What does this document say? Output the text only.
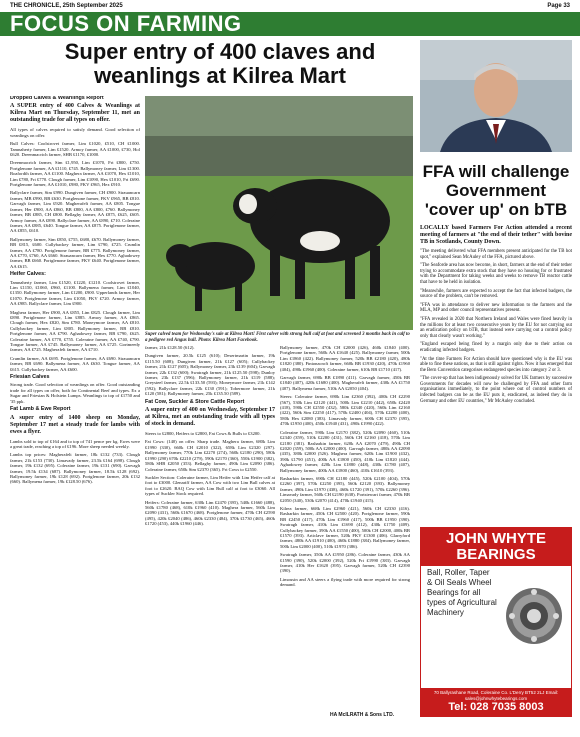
THE CHRONICLE, 25th September 2025	Page 33
FOCUS ON FARMING
Super entry of 400 claves and weanlings at Kilrea Mart
Dropped Calves & Weanlings Report

A SUPER entry of 400 Calves & Weanlings at Kilrea Mart on Thursday, September 11, met an outstanding trade for all types on offer.

All types of calves required to satisfy demand. Good selection of weanlings on offer.

Bull Calves: Coolstrovet farmer, Lim £1020, £510, CH £1000. Tamnaherty farmer, Lim £1520. Armoy farmer, AA £1000, £730, Hol £620. Dreenmacrich farmer, SHB £1170, £1000.

Dreenmacrich farmer, Sim £1,950, Lim £1070, Fri £800, £750. Portglenone farmer, AA £1110, £745. Ballymoney farmer, Lim £1300. Boafordth farmer, AA £1100. Maghera farmer, AA £1070, Hex £1010, Lim £780, Fri £770. Clough farmer, Lim £1090, Hex £1010, Fri £690. Portglenone farmer, AA £1010, £980, FKV £965, Hex £910.

Ballyclare farmer, Sim £990. Dungiven farmer, CH £900. Strauancarn farmer, MB £990, BB £630. Portglenone farmer, FKV £965, BB £810. Garvagh farmer, Lim £920. Magherafelt farmer, AA £805. Tongue farmer, Her £900, AA £860, BB £800, AA £800, £760. Ballymoney farmer, BB £885, CH £800. Bellaghy farmer, AA £875, £625, £605. Armoy farmer, AA £890. Ballyclare farmer, AA £890, £710. Coleraine farmer, AA £885, £640. Tongue farmer, AA £875. Portglenone farmer, AA £855, £610.

Ballymoney farmer, Sim £850, £755, £680, £670. Ballymoney farmer, BB £815, £600. Cullybackey farmer, Lim £790, £725. Crumlin farmer, AA £780. Portglenone farmer, BB £775. Ballymoney farmer, AA £770, £760, AA £660. Strauancarn farmer, Hex £770. Aghadowey farmer, BB £660. Portglenone farmer, FKV £640. Portglenone farmer, AA £615.

Heifer Calves:

Tamnaherty farmer, Lim £1520, £1220, £1210. Coolstrovet farmer, Lim £1150, £1060, £960, £1100. Ballymena farmer, Lim £1040, £1350. Ballymoney farmer, Lim £1200, £900. Upperlands farmer, Her £1070. Portglenone farmer, Lim £1050, FKV £720. Armoy farmer, AA £985. Ballyclare farmer, Lim £900.

Maghera farmer, Her £900, AA £855, Lim £825. Clough farmer, Lim £890. Portglenone farmer, Lim £885. Armoy farmer, AA £865. Clough farmer, Hex £820, Sim £780. Moneymore farmer, AA £810. Cullybackey farmer, Lim £805. Ballymoney farmer, BB £810. Portglenone farmer, AA £790. Aghadowey farmer, BB £790, £625. Coleraine farmer, AA £770, £755. Coleraine farmer, AA £740, £790. Tongue farmer, AA £745. Ballymoney farmer, AA £725. Gortmeedy farmer, AA £725. Magherafelt farmer, AA £710.

Crumlin farmer, AA £695. Portglenone farmer, AA £690. Strauancarn farmer, BB £690. Ballymena farmer, AA £630. Tongue farmer, AA £615. Cullybackey farmer, AA £600.

Friesian Calves

Strong trade. Good selection of weanlings on offer. Good outstanding trade for all types on offer, both for Continental Beef and types. Ex a Sugar and Friesian & Holstein Lumps. Weanlings to top of £1750 and '35 ppk.

Fat Lamb & Ewe Report

A super entry of 1400 sheep on Monday, September 17 met a steady trade for lambs with ewes a flyer.

Lambs sold to top of £164 and to top of 741 pence per kg. Ewes were a great trade, reaching a top of £196. More sheep needed weekly.

Lambs top prices: Magherafelt farmer, 18k £132 (733). Clough farmer, 21k £153 (730). Limavady farmer, 23.5k £164 (698). Clough farmer, 19k £132 (695). Coleraine farmer, 19k £131 (690). Garvagh farmer, 19.5k £134 (687). Ballymoney farmer, 18.5k £128 (692). Ballymoney farmer, 19k £128 (692). Portglenone farmer, 20k £132 (660). Ballymena farmer, 19k £128.50 (676).

Super calved team for Wednesday's sale at Kilrea Mart! First calver with strong bull calf at foot and screened 3 months back in calf to a pedigree red Angus bull. Photo: Kilrea Mart Facebook.

farmer, 21k £128.50 (612).

Dungiven farmer, 20.5k £125 (610); Desertmartin farmer, 19k £115.50 (608); Dungiven farmer, 21k £127 (605); Cullybackey farmer, 21k £127 (605); Ballymoney farmer, 23k £139 (604); Garvagh farmer, 22k £132 (600); Swatragh farmer, 21k £125.50 (598); Dunloy farmer, 23k £137 (596); Ballymoney farmer, 21k £119 (588); Greysteel farmer, 22.5k £133.50 (593); Moneymore farmer, 21k £142 (592); Ballyclare farmer, 22k £130 (591); Tobermore farmer, 21k £120 (581); Ballymoney farmer, 25k £135.50 (589).

Fat Cow, Suckler & Store Cattle Report

A super entry of 400 on Wednesday, September 17 at Kilrea, met an outstanding trade with all types of stock in demand.

Steers to £2800, Heifers to £2800, Fat Cows & Bulls to £3200.

Fat Cows: (140) on offer. Sharp trade. Maghera farmer, 680k Lim £1990 (330), 660k CH £2010 (322), 658k Lim £2320 (297). Ballymoney farmer, 770k Lim £2270 (274), 560k £2180 (290), 580k £1990 (290) 670k £2210 (279), 590k £2170 (360), 550k £1900 (382), 580k SHB £2050 (353). Bellaghy farmer, 490k Lim £2090 (386). Coleraine farmer, 650k Sim £2370 (365). Fri Cows to £2550.

Suckler Section: Coleraine farmer, Lim Heifer with Lim Heifer calf at foot to £3000. Glenariff farmer, AA Cow with two Lim Bull calves at foot to £2620. BAQ Cow with Lim Bull calf at foot to £3060. All types of Suckler Stock required.

Heifers: Coleraine farmer, 630k Lim £2470 (395), 540k £1660 (488), 560k £1780 (468), 610k £1960 (410). Maghera farmer, 560k Lim £2090 (431), 560k £1670 (468). Portglenone farmer, 470k CH £2590 (495), 420k £2040 (486), 460k £2330 (484), 370k £1730 (465), 460k £1720 (453), 440k £1960 (446).

Ballymoney farmer, 470k CH £2000 (426), 460k £1840 (400). Portglenone farmer, 560k AA £1640 (425). Ballymoney farmer, 500k Lim £1860 (422). Ballymoney farmer, 520k BB £2180 (420), 480k £1820 (380). Fintonacroft farmer, 660k BB £1930 (420), 470k £1960 (404), 490k £1960 (400). Coleraine farmer, 610k BB £1710 (417).

Garvagh farmer, 690k BB £1890 (411). Garvagh farmer, 450k BB £1840 (407), 420k £1680 (400). Magherafelt farmer, 430k AA £1750 (407). Ballymena farmer, 510k AA £2050 (404).

Steers: Coleraine farmer, 690k Lim £2360 (392), 400k CH £2290 (567), 530k Lim £2120 (441), 500k Lim £2210 (442), 650k £2420 (418), 590k CH £2550 (432), 580k £2340 (420), 560k Lim £2160 (422), 560k Sim £2250 (417), 570k £2400 (404), 570k £2280 (400), 580k Hex £2080 (383). Limavady farmer, 600k CH £2370 (395), 470k £1950 (400), 450k £1940 (431), 490k £1990 (422).

Coleraine farmer, 590k Lim £2170 (382), 520k £2090 (460), 510k £2340 (359), 510k £2200 (431), 560k CH £2160 (418), 570k Lim £2180 (381). Rasharkin farmer, 620k AA £2070 (479), 490k CH £2020 (359), 500k AA £2000 (400). Garvagh farmer, 480k AA £2090 (435), 380k £2000 (526). Maghera farmer, 620k Lim £1900 (432), 390k £1790 (451), 400k AA £1800 (450), 410k Lim £1820 (444). Aghadowey farmer, 420k Lim £1880 (448), 430k £1780 (407), Ballymoney farmer, 400k AA £1800 (460), 410k £1610 (393).

Rasharkin farmer, 690k CH £2180 (445), 520k £2100 (404), 570k £2260 (397), 570k £2250 (395), 560k £2120 (393). Ballymoney farmer, 490k Lim £1970 (438), 460k £1720 (391), 570k £2260 (396). Limavady farmer, 560k CH £2190 (638). Portstewart farmer, 470k BB £2050 (340), 530k £2070 (414), 470k £1940 (415).

Kilrea farmer, 668k Lim £2960 (421), 560k CH £2330 (416). Rasharkin farmer, 450k CH £2500 (420). Portglenone farmer, 590k BB £2450 (417), 470k Lim £1960 (417), 500k BB £1950 (390). Swatragh farmer, 410k Lim £1690 (412), 430k £1750 (409). Cullybackey farmer, 390k AA £1550 (400), 500k CH £2000, 400k BB £1570 (393). Articlave farmer, 520k FKV £1300 (406). Glarryford farmer, 480k AA £1910 (400), 460k £1880 (384). Ballymoney farmer, 500k Lim £2000 (400), 510k £1970 (386).

Swatragh farmer, 350k AA £1950 (286). Coleraine farmer, 430k AA £1590 (390), 520k £2000 (392), 520k Fri £1990 (383). Garvagh farmer, 410k Her £1620 (395). Garvagh farmer, 520k CH £2390 (390).

Limousin and AA steers a flying trade with more required for strong demand.

FFA will challenge Government 'cover up' on bTB

LOCALLY based Farmers For Action attended a recent meeting of farmers at "the end of their tether" with bovine TB in Scotlands, County Down.

"The meeting delivered what FFA members present anticipated for the TB hot spot," explained Sean McAuley of the FFA, pictured above.

"The Seaforde area has now become, in short, farmers at the end of their tether trying to accommodate extra stock that they have no housing for or frustrated with the Department for taking weeks and weeks to remove TB reactor cattle that have to be held in isolation.

"Meanwhile, farmers are expected to accept the fact that infected badgers, the source of the problem, can't be removed.

"FFA was in attendance to deliver new information to the farmers and the MLA, MP and other council representatives present.

"FFA revealed in 2020 that Northern Ireland and Wales were fined heavily in the millions for at least two consecutive years by the EU for not carrying out an eradication policy on bTB, that instead were carrying out a control policy only that clearly wasn't working."

"England escaped being fined by a margin only due to their action on eradicating infected badgers.

"At the time Farmers For Action should have questioned why is the EU was able to fine these nations, as that is still against rights. Now it has emerged that the Bern Convention categorises endangered species into category 2 or 3.

"The cover-up that has been indigenously solved for UK farmers by successive Governments for decades will now be challenged by FFA and other farm organisations immediately, to the point where out of control numbers of infected badgers can be as the EU puts it, eradicated, as indeed they do in Germany and other EU countries," Mr McAuley concluded.

JOHN WHYTE BEARINGS
Ball, Roller, Taper & Oil Seals Wheel Bearings for all types of Agricultural Machinery
70 Ballyrashane Road, Coleraine Co. L'Derry BT52 2LJ Email: sales@johnwhytebearings.com
Tel: 028 7035 8003
HA McILRATH & Sons LTD.
